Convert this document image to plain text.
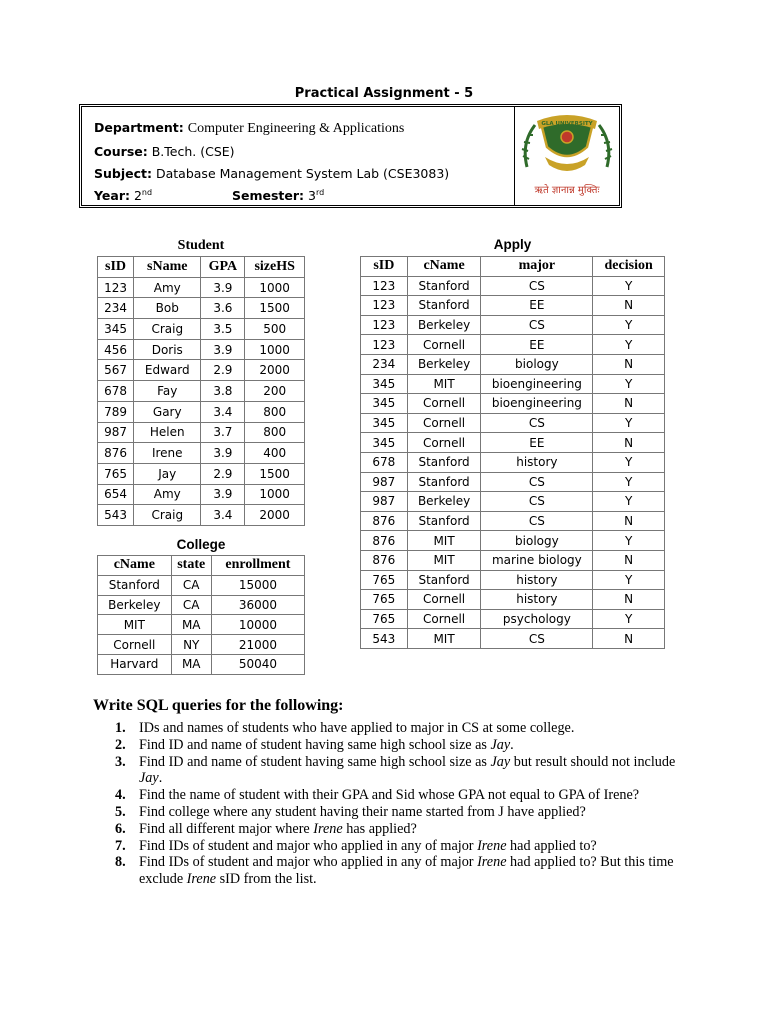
Practical Assignment - 5
Department: Computer Engineering & Applications
Course: B.Tech. (CSE)
Subject: Database Management System Lab (CSE3083)
Year: 2nd	Semester: 3rd
GLA UNIVERSITY
ऋते ज्ञानान्न मुक्तिः
Student
sID	sName	GPA	sizeHS
123	Amy	3.9	1000
234	Bob	3.6	1500
345	Craig	3.5	500
456	Doris	3.9	1000
567	Edward	2.9	2000
678	Fay	3.8	200
789	Gary	3.4	800
987	Helen	3.7	800
876	Irene	3.9	400
765	Jay	2.9	1500
654	Amy	3.9	1000
543	Craig	3.4	2000
College
cName	state	enrollment
Stanford	CA	15000
Berkeley	CA	36000
MIT	MA	10000
Cornell	NY	21000
Harvard	MA	50040
Apply
sID	cName	major	decision
123	Stanford	CS	Y
123	Stanford	EE	N
123	Berkeley	CS	Y
123	Cornell	EE	Y
234	Berkeley	biology	N
345	MIT	bioengineering	Y
345	Cornell	bioengineering	N
345	Cornell	CS	Y
345	Cornell	EE	N
678	Stanford	history	Y
987	Stanford	CS	Y
987	Berkeley	CS	Y
876	Stanford	CS	N
876	MIT	biology	Y
876	MIT	marine biology	N
765	Stanford	history	Y
765	Cornell	history	N
765	Cornell	psychology	Y
543	MIT	CS	N
Write SQL queries for the following:
1. IDs and names of students who have applied to major in CS at some college.
2. Find ID and name of student having same high school size as Jay.
3. Find ID and name of student having same high school size as Jay but result should not include Jay.
4. Find the name of student with their GPA and Sid whose GPA not equal to GPA of Irene?
5. Find college where any student having their name started from J have applied?
6. Find all different major where Irene has applied?
7. Find IDs of student and major who applied in any of major Irene had applied to?
8. Find IDs of student and major who applied in any of major Irene had applied to? But this time exclude Irene sID from the list.
